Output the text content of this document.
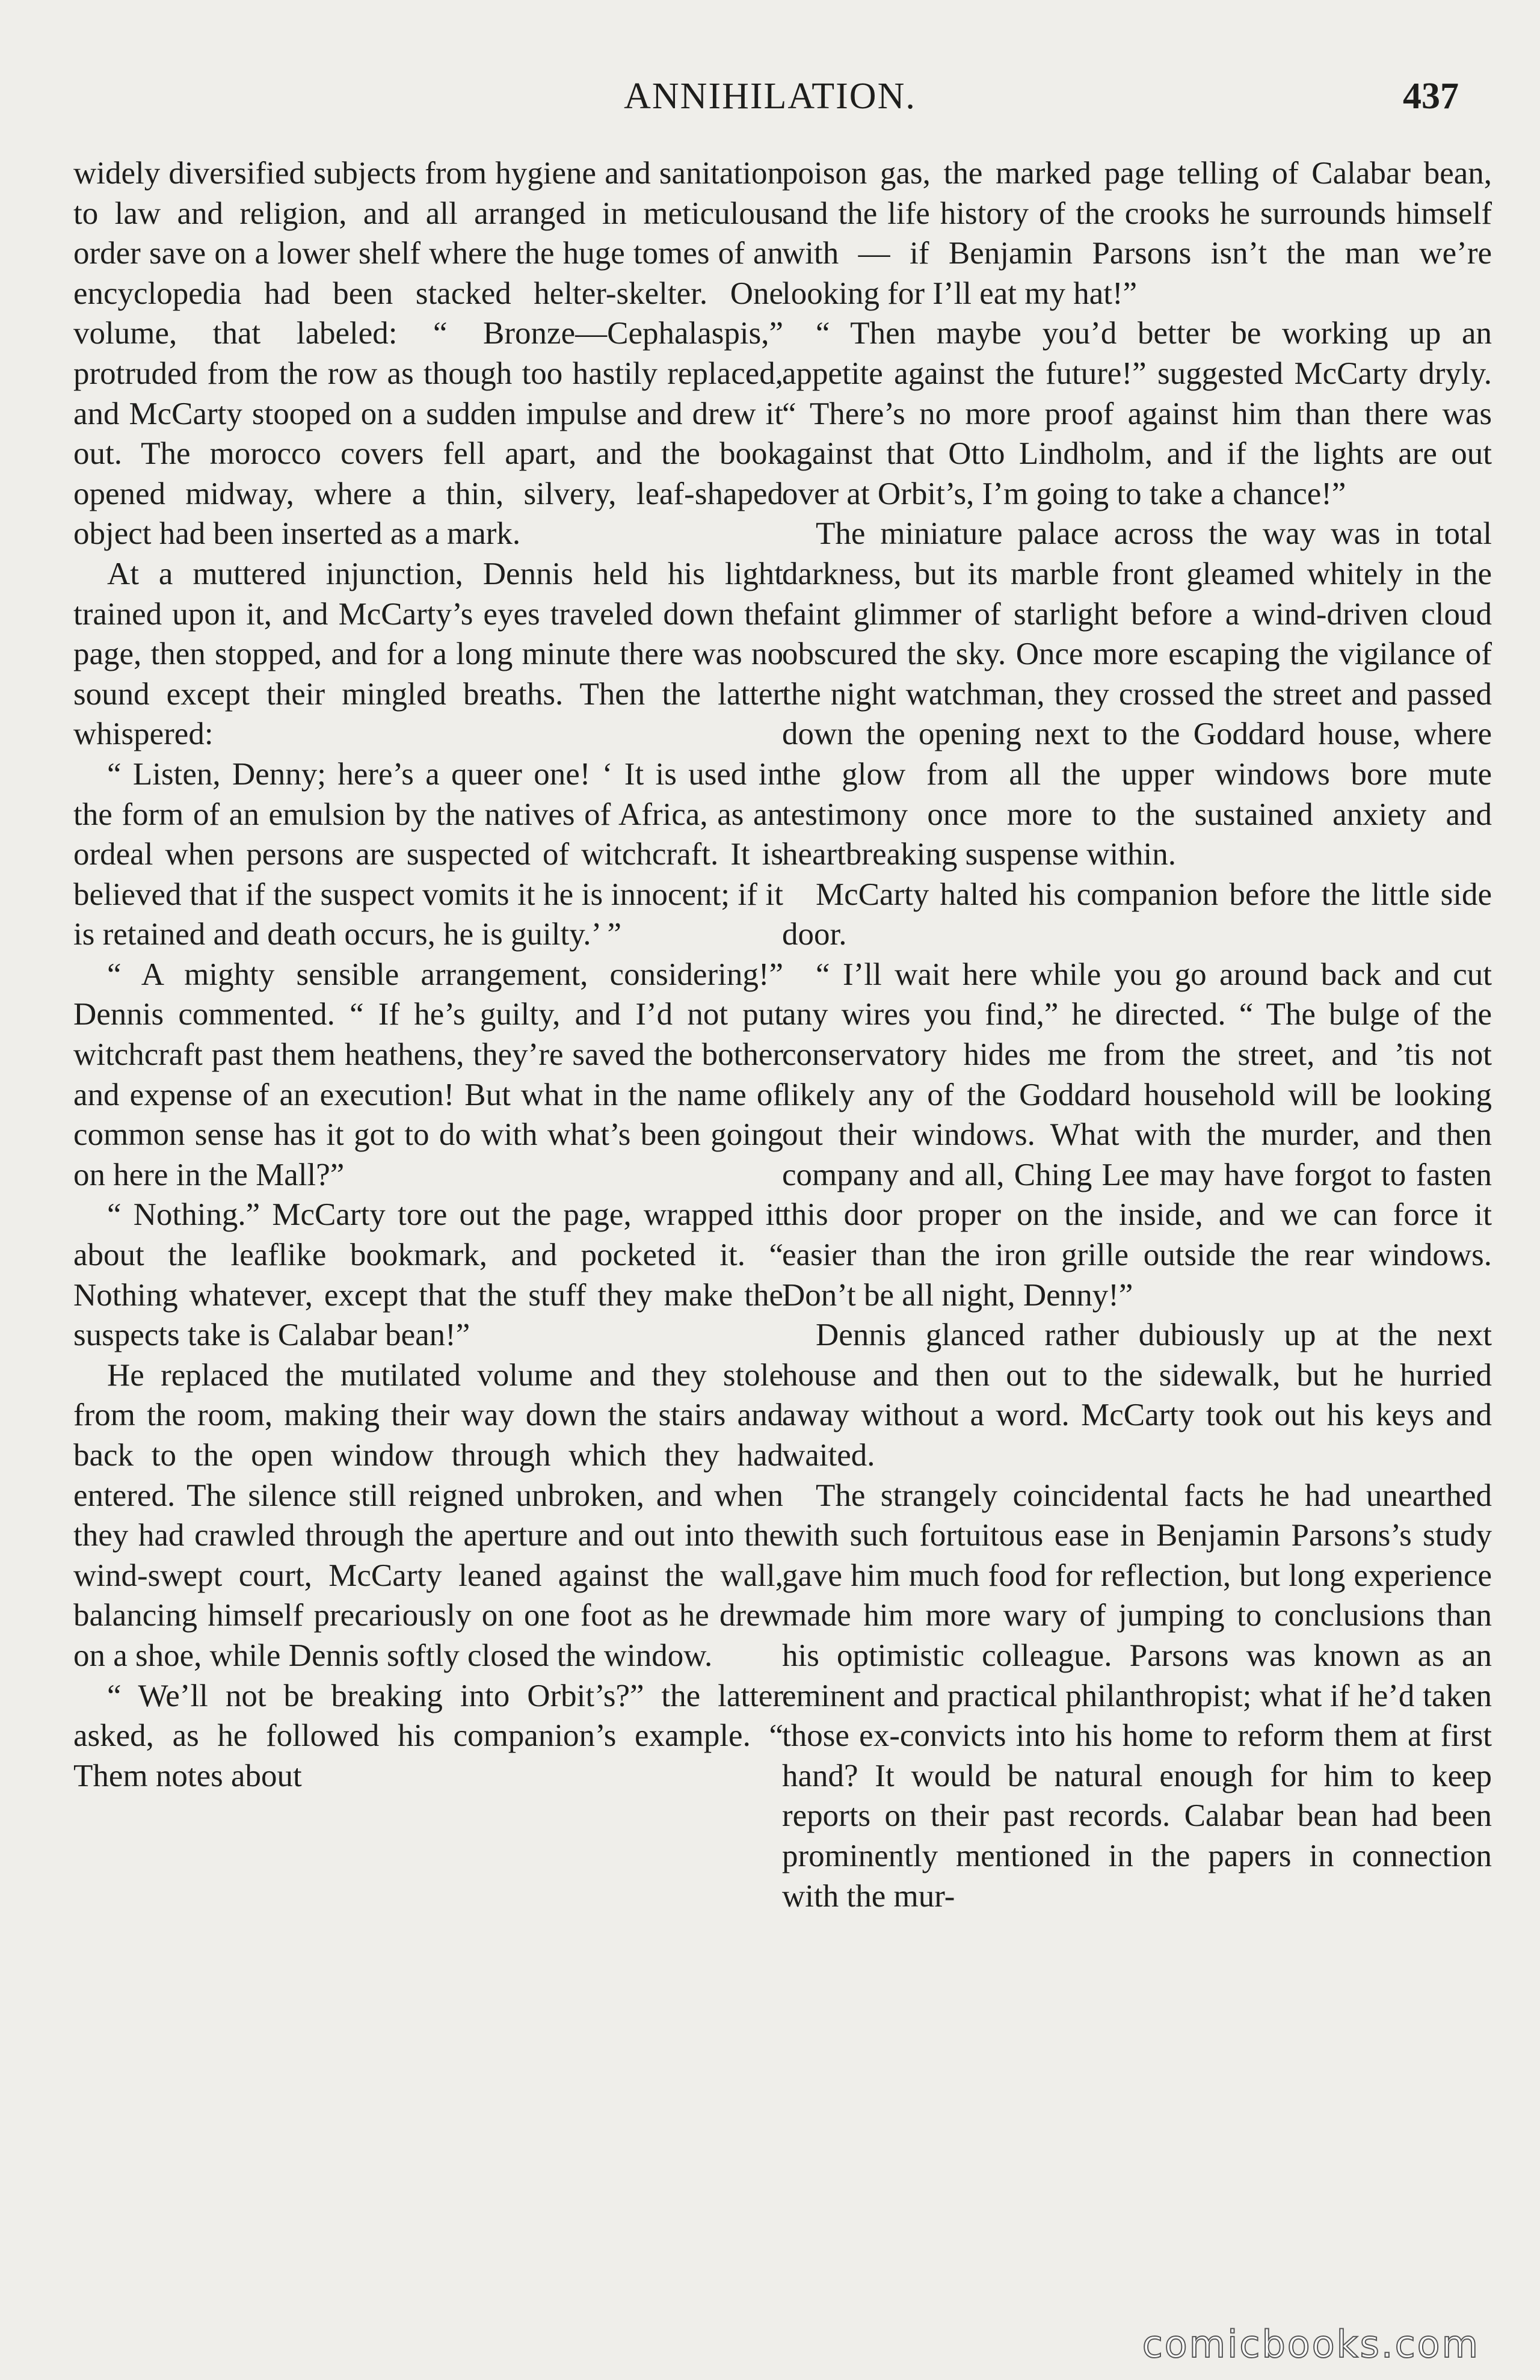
ANNIHILATION.	437

widely diversified subjects from hygiene and sanitation to law and religion, and all arranged in meticulous order save on a lower shelf where the huge tomes of an encyclopedia had been stacked helter-skelter. One volume, that labeled: “ Bronze—Cephalaspis,” protruded from the row as though too hastily replaced, and McCarty stooped on a sudden impulse and drew it out. The morocco covers fell apart, and the book opened midway, where a thin, silvery, leaf-shaped object had been inserted as a mark.

At a muttered injunction, Dennis held his light trained upon it, and McCarty’s eyes traveled down the page, then stopped, and for a long minute there was no sound except their mingled breaths. Then the latter whispered:

“ Listen, Denny; here’s a queer one! ‘ It is used in the form of an emulsion by the natives of Africa, as an ordeal when persons are suspected of witchcraft. It is believed that if the suspect vomits it he is innocent; if it is retained and death occurs, he is guilty.’ ”

“ A mighty sensible arrangement, considering!” Dennis commented. “ If he’s guilty, and I’d not put witchcraft past them heathens, they’re saved the bother and expense of an execution! But what in the name of common sense has it got to do with what’s been going on here in the Mall?”

“ Nothing.” McCarty tore out the page, wrapped it about the leaflike bookmark, and pocketed it. “ Nothing whatever, except that the stuff they make the suspects take is Calabar bean!”

He replaced the mutilated volume and they stole from the room, making their way down the stairs and back to the open window through which they had entered. The silence still reigned unbroken, and when they had crawled through the aperture and out into the wind-swept court, McCarty leaned against the wall, balancing himself precariously on one foot as he drew on a shoe, while Dennis softly closed the window.

“ We’ll not be breaking into Orbit’s?” the latter asked, as he followed his companion’s example. “ Them notes about

poison gas, the marked page telling of Calabar bean, and the life history of the crooks he surrounds himself with — if Benjamin Parsons isn’t the man we’re looking for I’ll eat my hat!”

“ Then maybe you’d better be working up an appetite against the future!” suggested McCarty dryly. “ There’s no more proof against him than there was against that Otto Lindholm, and if the lights are out over at Orbit’s, I’m going to take a chance!”

The miniature palace across the way was in total darkness, but its marble front gleamed whitely in the faint glimmer of starlight before a wind-driven cloud obscured the sky. Once more escaping the vigilance of the night watchman, they crossed the street and passed down the opening next to the Goddard house, where the glow from all the upper windows bore mute testimony once more to the sustained anxiety and heartbreaking suspense within.

McCarty halted his companion before the little side door.

“ I’ll wait here while you go around back and cut any wires you find,” he directed. “ The bulge of the conservatory hides me from the street, and ’tis not likely any of the Goddard household will be looking out their windows. What with the murder, and then company and all, Ching Lee may have forgot to fasten this door proper on the inside, and we can force it easier than the iron grille outside the rear windows. Don’t be all night, Denny!”

Dennis glanced rather dubiously up at the next house and then out to the sidewalk, but he hurried away without a word. McCarty took out his keys and waited.

The strangely coincidental facts he had unearthed with such fortuitous ease in Benjamin Parsons’s study gave him much food for reflection, but long experience made him more wary of jumping to conclusions than his optimistic colleague. Parsons was known as an eminent and practical philanthropist; what if he’d taken those ex-convicts into his home to reform them at first hand? It would be natural enough for him to keep reports on their past records. Calabar bean had been prominently mentioned in the papers in connection with the mur-

comicbooks.com
